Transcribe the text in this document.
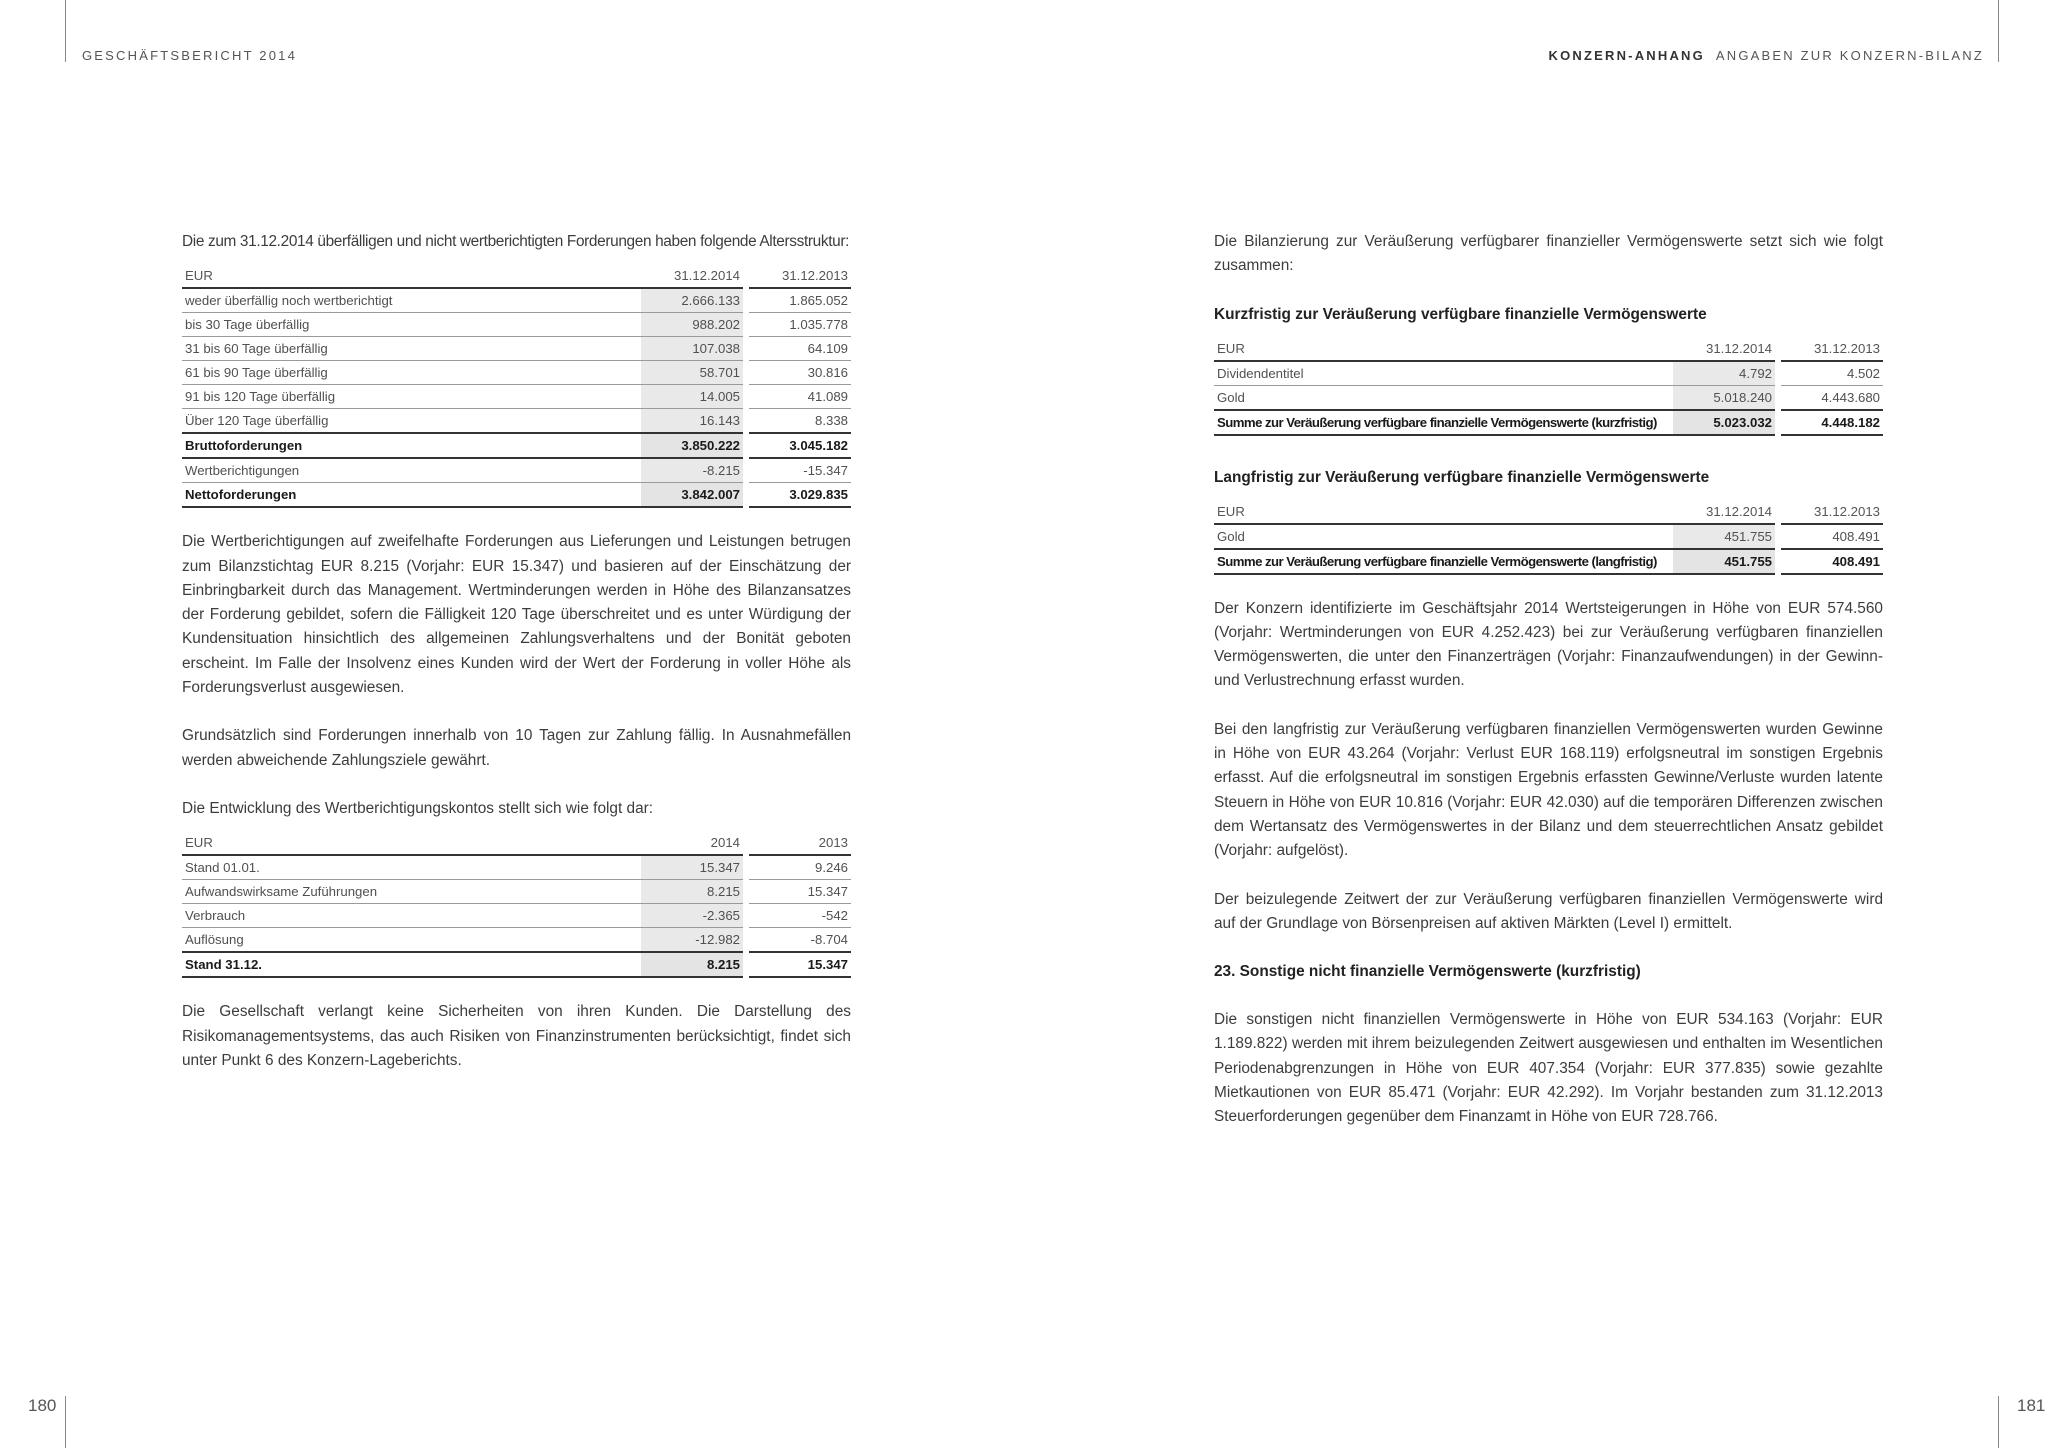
GESCHÄFTSBERICHT 2014	KONZERN-ANHANG ANGABEN ZUR KONZERN-BILANZ
180	181

Die zum 31.12.2014 überfälligen und nicht wertberichtigten Forderungen haben folgende Altersstruktur:

EUR	31.12.2014		31.12.2013
weder überfällig noch wertberichtigt	2.666.133		1.865.052
bis 30 Tage überfällig	988.202		1.035.778
31 bis 60 Tage überfällig	107.038		64.109
61 bis 90 Tage überfällig	58.701		30.816
91 bis 120 Tage überfällig	14.005		41.089
Über 120 Tage überfällig	16.143		8.338
Bruttoforderungen	3.850.222		3.045.182
Wertberichtigungen	-8.215		-15.347
Nettoforderungen	3.842.007		3.029.835

Die Wertberichtigungen auf zweifelhafte Forderungen aus Lieferungen und Leistungen betrugen zum Bilanzstichtag EUR 8.215 (Vorjahr: EUR 15.347) und basieren auf der Einschätzung der Einbringbarkeit durch das Management. Wertminderungen werden in Höhe des Bilanzansatzes der Forderung gebildet, sofern die Fälligkeit 120 Tage überschreitet und es unter Würdigung der Kundensituation hinsichtlich des allgemeinen Zahlungsverhaltens und der Bonität geboten erscheint. Im Falle der Insolvenz eines Kunden wird der Wert der Forderung in voller Höhe als Forderungsverlust ausgewiesen.

Grundsätzlich sind Forderungen innerhalb von 10 Tagen zur Zahlung fällig. In Ausnahmefällen werden abweichende Zahlungsziele gewährt.

Die Entwicklung des Wertberichtigungskontos stellt sich wie folgt dar:

EUR	2014		2013
Stand 01.01.	15.347		9.246
Aufwandswirksame Zuführungen	8.215		15.347
Verbrauch	-2.365		-542
Auflösung	-12.982		-8.704
Stand 31.12.	8.215		15.347

Die Gesellschaft verlangt keine Sicherheiten von ihren Kunden. Die Darstellung des Risikomanagementsystems, das auch Risiken von Finanzinstrumenten berücksichtigt, findet sich unter Punkt 6 des Konzern-Lageberichts.

Die Bilanzierung zur Veräußerung verfügbarer finanzieller Vermögenswerte setzt sich wie folgt zusammen:

Kurzfristig zur Veräußerung verfügbare finanzielle Vermögenswerte

EUR	31.12.2014		31.12.2013
Dividendentitel	4.792		4.502
Gold	5.018.240		4.443.680
Summe zur Veräußerung verfügbare finanzielle Vermögenswerte (kurzfristig)	5.023.032		4.448.182

Langfristig zur Veräußerung verfügbare finanzielle Vermögenswerte

EUR	31.12.2014		31.12.2013
Gold	451.755		408.491
Summe zur Veräußerung verfügbare finanzielle Vermögenswerte (langfristig)	451.755		408.491

Der Konzern identifizierte im Geschäftsjahr 2014 Wertsteigerungen in Höhe von EUR 574.560 (Vorjahr: Wertminderungen von EUR 4.252.423) bei zur Veräußerung verfügbaren finanziellen Vermögenswerten, die unter den Finanzerträgen (Vorjahr: Finanzaufwendungen) in der Gewinn- und Verlustrechnung erfasst wurden.

Bei den langfristig zur Veräußerung verfügbaren finanziellen Vermögenswerten wurden Gewinne in Höhe von EUR 43.264 (Vorjahr: Verlust EUR 168.119) erfolgsneutral im sonstigen Ergebnis erfasst. Auf die erfolgsneutral im sonstigen Ergebnis erfassten Gewinne/Verluste wurden latente Steuern in Höhe von EUR 10.816 (Vorjahr: EUR 42.030) auf die temporären Differenzen zwischen dem Wertansatz des Vermögenswertes in der Bilanz und dem steuerrechtlichen Ansatz gebildet (Vorjahr: aufgelöst).

Der beizulegende Zeitwert der zur Veräußerung verfügbaren finanziellen Vermögenswerte wird auf der Grundlage von Börsenpreisen auf aktiven Märkten (Level I) ermittelt.

23. Sonstige nicht finanzielle Vermögenswerte (kurzfristig)

Die sonstigen nicht finanziellen Vermögenswerte in Höhe von EUR 534.163 (Vorjahr: EUR 1.189.822) werden mit ihrem beizulegenden Zeitwert ausgewiesen und enthalten im Wesentlichen Periodenabgrenzungen in Höhe von EUR 407.354 (Vorjahr: EUR 377.835) sowie gezahlte Mietkautionen von EUR 85.471 (Vorjahr: EUR 42.292). Im Vorjahr bestanden zum 31.12.2013 Steuerforderungen gegenüber dem Finanzamt in Höhe von EUR 728.766.
